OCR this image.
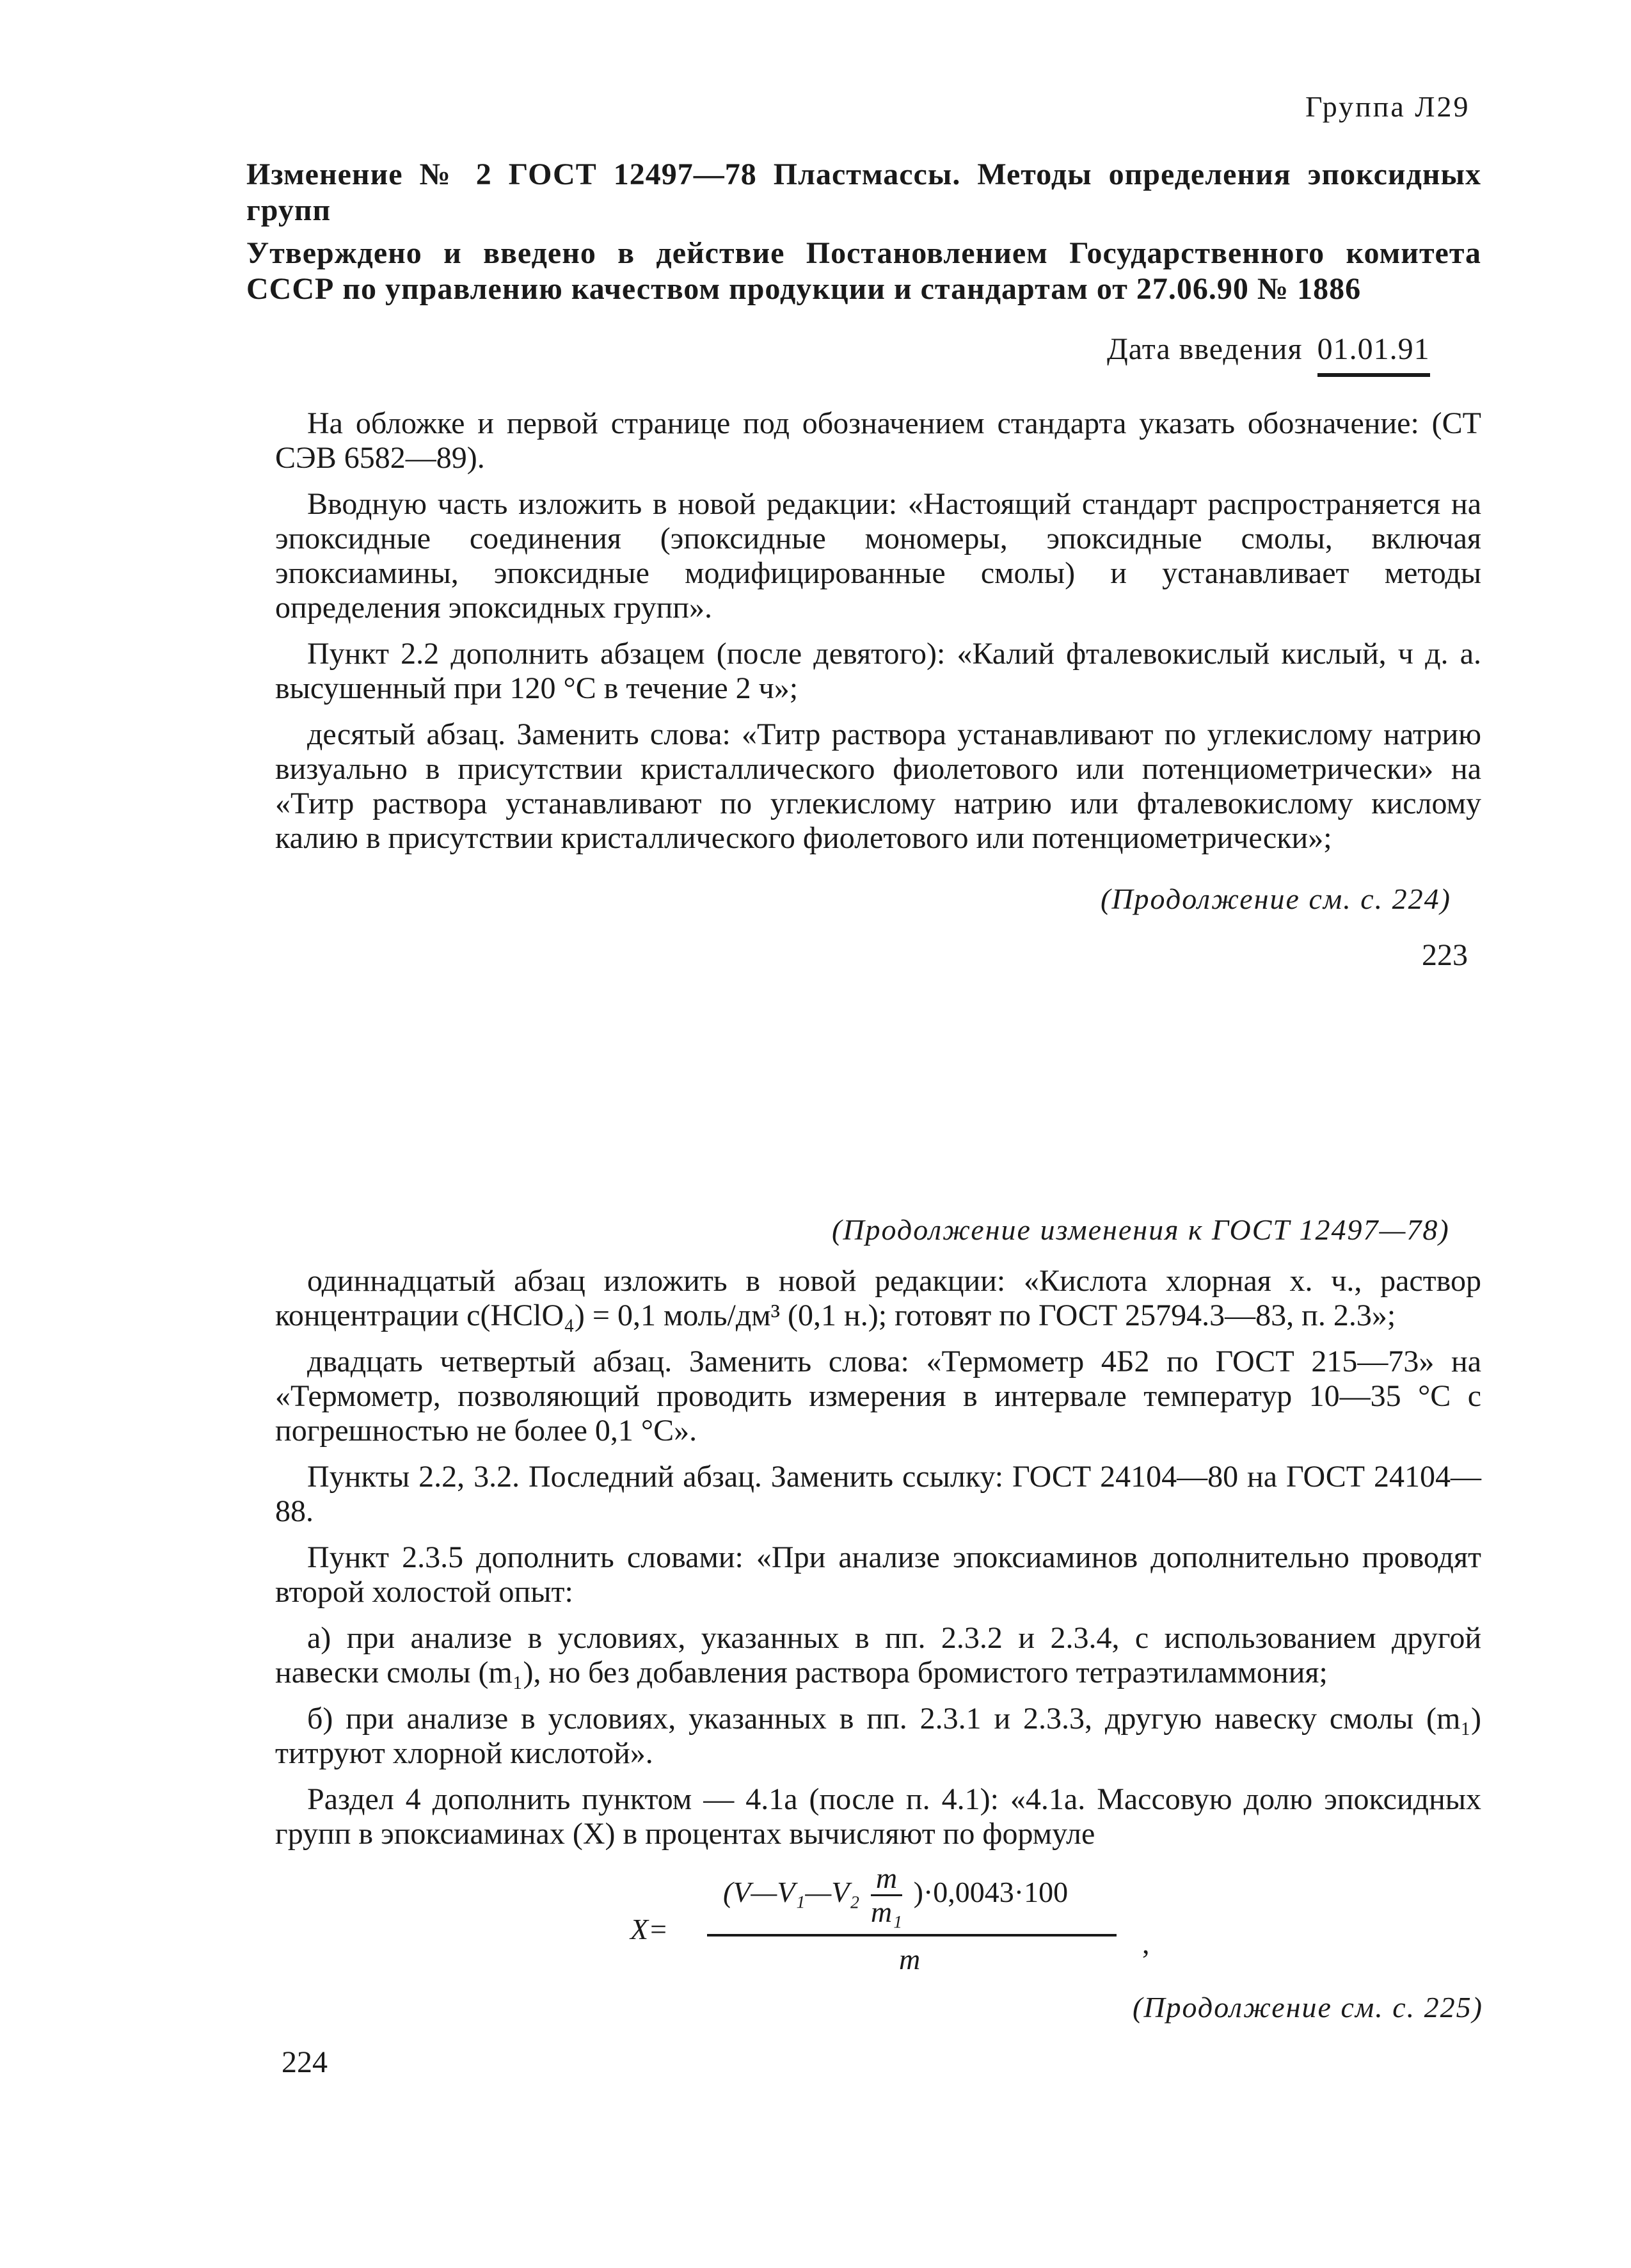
Группа Л29
Изменение № 2 ГОСТ 12497—78 Пластмассы. Методы определения эпоксидных групп
Утверждено и введено в действие Постановлением Государственного комитета СССР по управлению качеством продукции и стандартам от 27.06.90 № 1886
Дата введения 01.01.91

На обложке и первой странице под обозначением стандарта указать обозначение: (СТ СЭВ 6582—89).

Вводную часть изложить в новой редакции: «Настоящий стандарт распространяется на эпоксидные соединения (эпоксидные мономеры, эпоксидные смолы, включая эпоксиамины, эпоксидные модифицированные смолы) и устанавливает методы определения эпоксидных групп».

Пункт 2.2 дополнить абзацем (после девятого): «Калий фталевокислый кислый, ч д. а. высушенный при 120 °С в течение 2 ч»;

десятый абзац. Заменить слова: «Титр раствора устанавливают по углекислому натрию визуально в присутствии кристаллического фиолетового или потенциометрически» на «Титр раствора устанавливают по углекислому натрию или фталевокислому кислому калию в присутствии кристаллического фиолетового или потенциометрически»;

(Продолжение см. с. 224)
223
(Продолжение изменения к ГОСТ 12497—78)

одиннадцатый абзац изложить в новой редакции: «Кислота хлорная х. ч., раствор концентрации c(HClO₄) = 0,1 моль/дм³ (0,1 н.); готовят по ГОСТ 25794.3—83, п. 2.3»;

двадцать четвертый абзац. Заменить слова: «Термометр 4Б2 по ГОСТ 215—73» на «Термометр, позволяющий проводить измерения в интервале температур 10—35 °С с погрешностью не более 0,1 °С».

Пункты 2.2, 3.2. Последний абзац. Заменить ссылку: ГОСТ 24104—80 на ГОСТ 24104—88.

Пункт 2.3.5 дополнить словами: «При анализе эпоксиаминов дополнительно проводят второй холостой опыт:

а) при анализе в условиях, указанных в пп. 2.3.2 и 2.3.4, с использованием другой навески смолы (m₁), но без добавления раствора бромистого тетраэтиламмония;

б) при анализе в условиях, указанных в пп. 2.3.1 и 2.3.3, другую навеску смолы (m₁) титруют хлорной кислотой».

Раздел 4 дополнить пунктом — 4.1а (после п. 4.1): «4.1а. Массовую долю эпоксидных групп в эпоксиаминах (X) в процентах вычисляют по формуле

X=
(V—V₁—V₂ $\frac{m}{\text{m₁}} )\cdot 0,0043\cdot 100$
m	,
(Продолжение см. с. 225)
224
